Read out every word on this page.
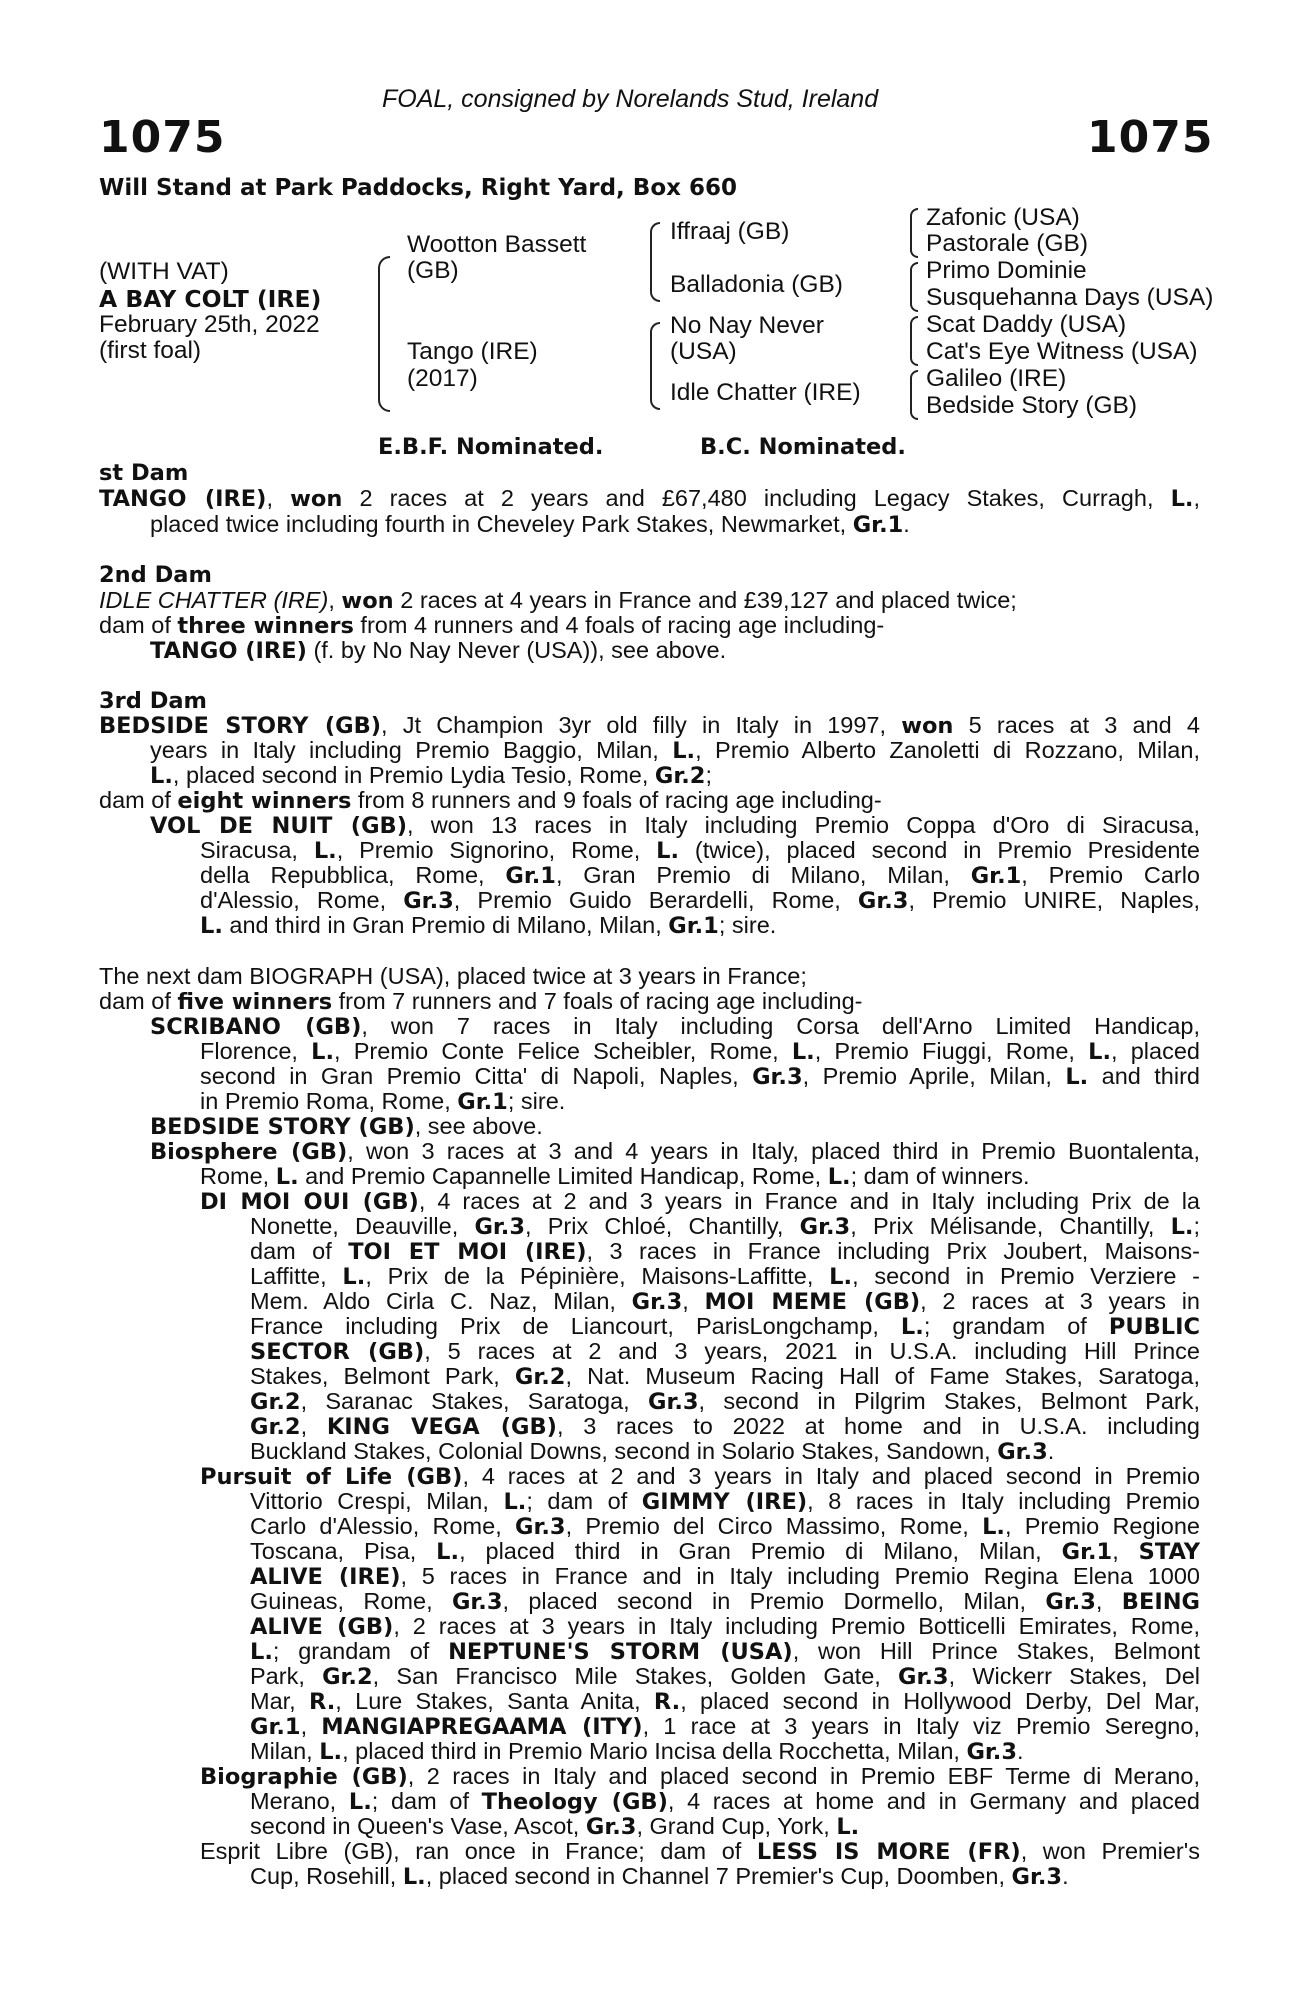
FOAL, consigned by Norelands Stud, Ireland
1075	1075
Will Stand at Park Paddocks, Right Yard, Box 660
(WITH VAT)
A BAY COLT (IRE)
February 25th, 2022
(first foal)
Wootton Bassett
(GB)
Tango (IRE)
(2017)
Iffraaj (GB)
Balladonia (GB)
No Nay Never
(USA)
Idle Chatter (IRE)
Zafonic (USA)
Pastorale (GB)
Primo Dominie
Susquehanna Days (USA)
Scat Daddy (USA)
Cat's Eye Witness (USA)
Galileo (IRE)
Bedside Story (GB)
E.B.F. Nominated.	B.C. Nominated.
st Dam
TANGO (IRE), won 2 races at 2 years and £67,480 including Legacy Stakes, Curragh, L.,
placed twice including fourth in Cheveley Park Stakes, Newmarket, Gr.1.
2nd Dam
IDLE CHATTER (IRE), won 2 races at 4 years in France and £39,127 and placed twice;
dam of three winners from 4 runners and 4 foals of racing age including-
TANGO (IRE) (f. by No Nay Never (USA)), see above.
3rd Dam
BEDSIDE STORY (GB), Jt Champion 3yr old filly in Italy in 1997, won 5 races at 3 and 4
years in Italy including Premio Baggio, Milan, L., Premio Alberto Zanoletti di Rozzano, Milan,
L., placed second in Premio Lydia Tesio, Rome, Gr.2;
dam of eight winners from 8 runners and 9 foals of racing age including-
VOL DE NUIT (GB), won 13 races in Italy including Premio Coppa d'Oro di Siracusa,
Siracusa, L., Premio Signorino, Rome, L. (twice), placed second in Premio Presidente
della Repubblica, Rome, Gr.1, Gran Premio di Milano, Milan, Gr.1, Premio Carlo
d'Alessio, Rome, Gr.3, Premio Guido Berardelli, Rome, Gr.3, Premio UNIRE, Naples,
L. and third in Gran Premio di Milano, Milan, Gr.1; sire.
The next dam BIOGRAPH (USA), placed twice at 3 years in France;
dam of five winners from 7 runners and 7 foals of racing age including-
SCRIBANO (GB), won 7 races in Italy including Corsa dell'Arno Limited Handicap,
Florence, L., Premio Conte Felice Scheibler, Rome, L., Premio Fiuggi, Rome, L., placed
second in Gran Premio Citta' di Napoli, Naples, Gr.3, Premio Aprile, Milan, L. and third
in Premio Roma, Rome, Gr.1; sire.
BEDSIDE STORY (GB), see above.
Biosphere (GB), won 3 races at 3 and 4 years in Italy, placed third in Premio Buontalenta,
Rome, L. and Premio Capannelle Limited Handicap, Rome, L.; dam of winners.
DI MOI OUI (GB), 4 races at 2 and 3 years in France and in Italy including Prix de la
Nonette, Deauville, Gr.3, Prix Chloé, Chantilly, Gr.3, Prix Mélisande, Chantilly, L.;
dam of TOI ET MOI (IRE), 3 races in France including Prix Joubert, Maisons-
Laffitte, L., Prix de la Pépinière, Maisons-Laffitte, L., second in Premio Verziere -
Mem. Aldo Cirla C. Naz, Milan, Gr.3, MOI MEME (GB), 2 races at 3 years in
France including Prix de Liancourt, ParisLongchamp, L.; grandam of PUBLIC
SECTOR (GB), 5 races at 2 and 3 years, 2021 in U.S.A. including Hill Prince
Stakes, Belmont Park, Gr.2, Nat. Museum Racing Hall of Fame Stakes, Saratoga,
Gr.2, Saranac Stakes, Saratoga, Gr.3, second in Pilgrim Stakes, Belmont Park,
Gr.2, KING VEGA (GB), 3 races to 2022 at home and in U.S.A. including
Buckland Stakes, Colonial Downs, second in Solario Stakes, Sandown, Gr.3.
Pursuit of Life (GB), 4 races at 2 and 3 years in Italy and placed second in Premio
Vittorio Crespi, Milan, L.; dam of GIMMY (IRE), 8 races in Italy including Premio
Carlo d'Alessio, Rome, Gr.3, Premio del Circo Massimo, Rome, L., Premio Regione
Toscana, Pisa, L., placed third in Gran Premio di Milano, Milan, Gr.1, STAY
ALIVE (IRE), 5 races in France and in Italy including Premio Regina Elena 1000
Guineas, Rome, Gr.3, placed second in Premio Dormello, Milan, Gr.3, BEING
ALIVE (GB), 2 races at 3 years in Italy including Premio Botticelli Emirates, Rome,
L.; grandam of NEPTUNE'S STORM (USA), won Hill Prince Stakes, Belmont
Park, Gr.2, San Francisco Mile Stakes, Golden Gate, Gr.3, Wickerr Stakes, Del
Mar, R., Lure Stakes, Santa Anita, R., placed second in Hollywood Derby, Del Mar,
Gr.1, MANGIAPREGAAMA (ITY), 1 race at 3 years in Italy viz Premio Seregno,
Milan, L., placed third in Premio Mario Incisa della Rocchetta, Milan, Gr.3.
Biographie (GB), 2 races in Italy and placed second in Premio EBF Terme di Merano,
Merano, L.; dam of Theology (GB), 4 races at home and in Germany and placed
second in Queen's Vase, Ascot, Gr.3, Grand Cup, York, L.
Esprit Libre (GB), ran once in France; dam of LESS IS MORE (FR), won Premier's
Cup, Rosehill, L., placed second in Channel 7 Premier's Cup, Doomben, Gr.3.
